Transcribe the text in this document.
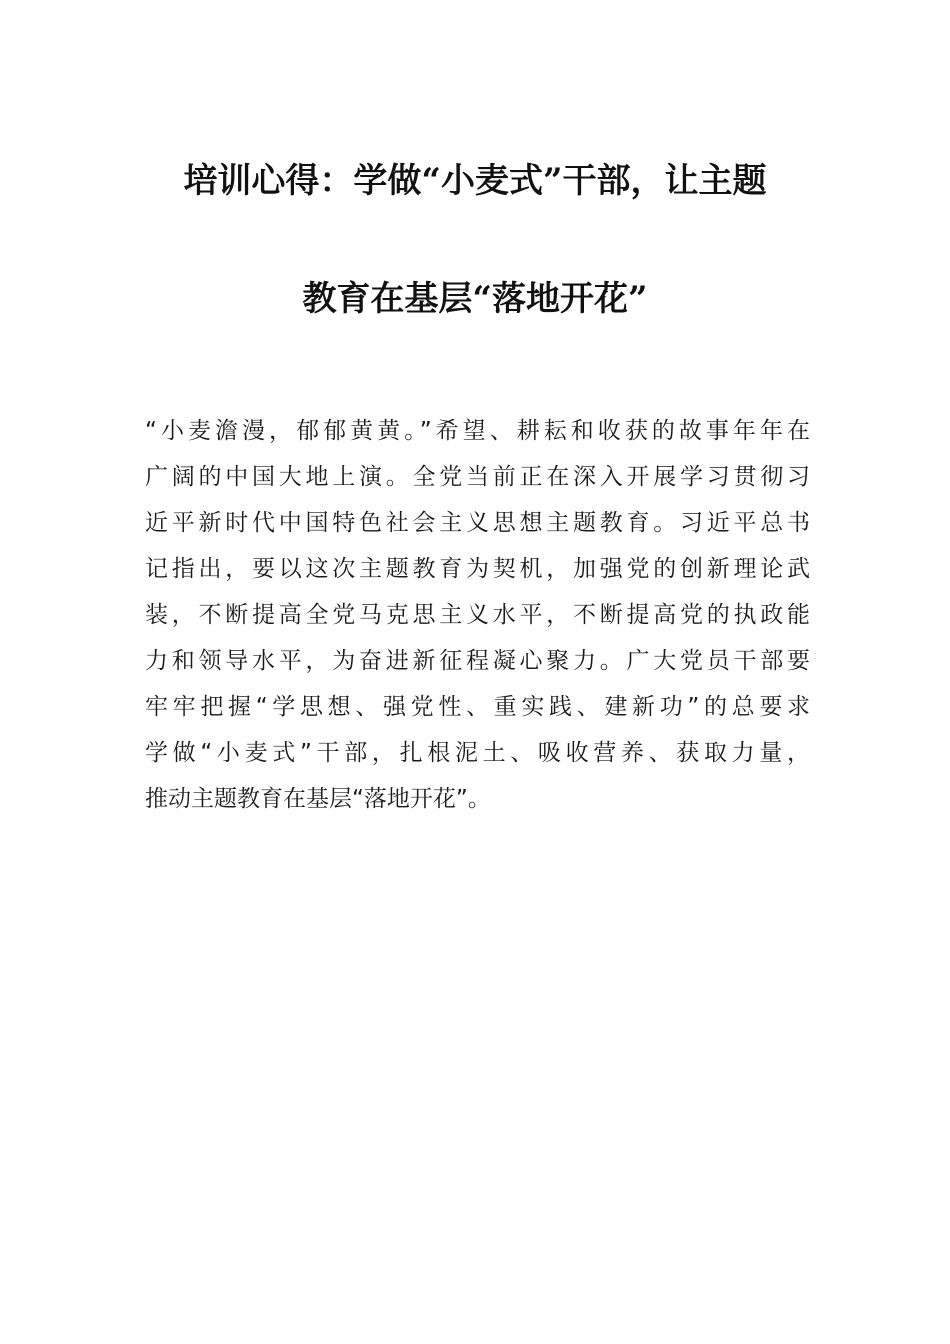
培训心得：学做“小麦式”干部，让主题
教育在基层“落地开花”
“小麦澹漫，郁郁黄黄。”希望、耕耘和收获的故事年年在
广阔的中国大地上演。全党当前正在深入开展学习贯彻习
近平新时代中国特色社会主义思想主题教育。习近平总书
记指出，要以这次主题教育为契机，加强党的创新理论武
装，不断提高全党马克思主义水平，不断提高党的执政能
力和领导水平，为奋进新征程凝心聚力。广大党员干部要
牢牢把握“学思想、强党性、重实践、建新功”的总要求
学做“小麦式”干部，扎根泥土、吸收营养、获取力量，
推动主题教育在基层“落地开花”。
